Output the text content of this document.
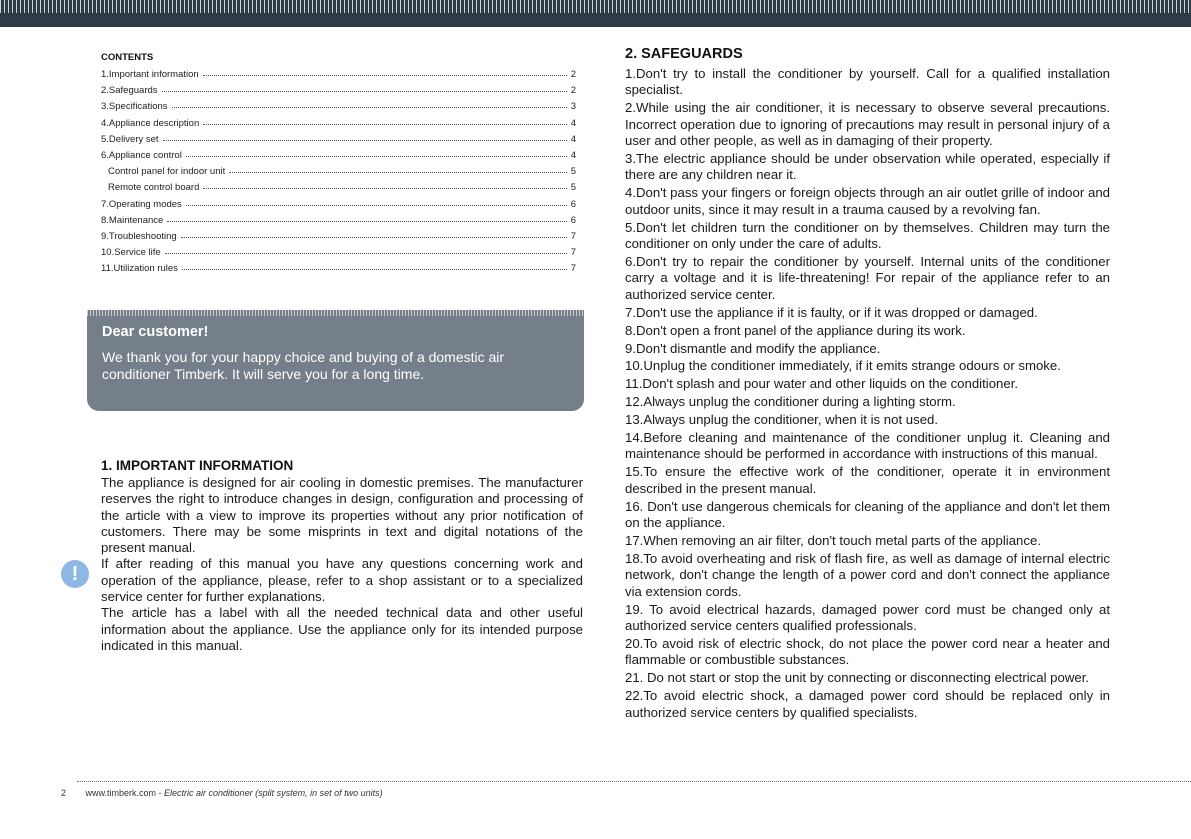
CONTENTS
1.Important information	2
2.Safeguards	2
3.Specifications	3
4.Appliance description	4
5.Delivery set	4
6.Appliance control	4
Control panel for indoor unit	5
Remote control board	5
7.Operating modes	6
8.Maintenance	6
9.Troubleshooting	7
10.Service life	7
11.Utilization rules	7
Dear customer!
We thank you for your happy choice and buying of a domestic air conditioner Timberk. It will serve you for a long time.
!
1. IMPORTANT INFORMATION

The appliance is designed for air cooling in domestic premises. The manufacturer reserves the right to introduce changes in design, configuration and processing of the article with a view to improve its properties without any prior notification of customers. There may be some misprints in text and digital notations of the present manual.

If after reading of this manual you have any questions concerning work and operation of the appliance, please, refer to a shop assistant or to a specialized service center for further explanations.

The article has a label with all the needed technical data and other useful information about the appliance. Use the appliance only for its intended purpose indicated in this manual.

2. SAFEGUARDS

1.Don't try to install the conditioner by yourself. Call for a qualified installation specialist.

2.While using the air conditioner, it is necessary to observe several precautions. Incorrect operation due to ignoring of precautions may result in personal injury of a user and other people, as well as in damaging of their property.

3.The electric appliance should be under observation while operated, especially if there are any children near it.

4.Don't pass your fingers or foreign objects through an air outlet grille of indoor and outdoor units, since it may result in a trauma caused by a revolving fan.

5.Don't let children turn the conditioner on by themselves. Children may turn the conditioner on only under the care of adults.

6.Don't try to repair the conditioner by yourself. Internal units of the conditioner carry a voltage and it is life-threatening! For repair of the appliance refer to an authorized service center.

7.Don't use the appliance if it is faulty, or if it was dropped or damaged.

8.Don't open a front panel of the appliance during its work.

9.Don't dismantle and modify the appliance.

10.Unplug the conditioner immediately, if it emits strange odours or smoke.

11.Don't splash and pour water and other liquids on the conditioner.

12.Always unplug the conditioner during a lighting storm.

13.Always unplug the conditioner, when it is not used.

14.Before cleaning and maintenance of the conditioner unplug it. Cleaning and maintenance should be performed in accordance with instructions of this manual.

15.To ensure the effective work of the conditioner, operate it in environment described in the present manual.

16. Don't use dangerous chemicals for cleaning of the appliance and don't let them on the appliance.

17.When removing an air filter, don't touch metal parts of the appliance.

18.To avoid overheating and risk of flash fire, as well as damage of internal electric network, don't change the length of a power cord and don't connect the appliance via extension cords.

19. To avoid electrical hazards, damaged power cord must be changed only at authorized service centers qualified professionals.

20.To avoid risk of electric shock, do not place the power cord near a heater and flammable or combustible substances.

21. Do not start or stop the unit by connecting or disconnecting electrical power.

22.To avoid electric shock, a damaged power cord should be replaced only in authorized service centers by qualified specialists.

2 www.timberk.com - Electric air conditioner (split system, in set of two units)
